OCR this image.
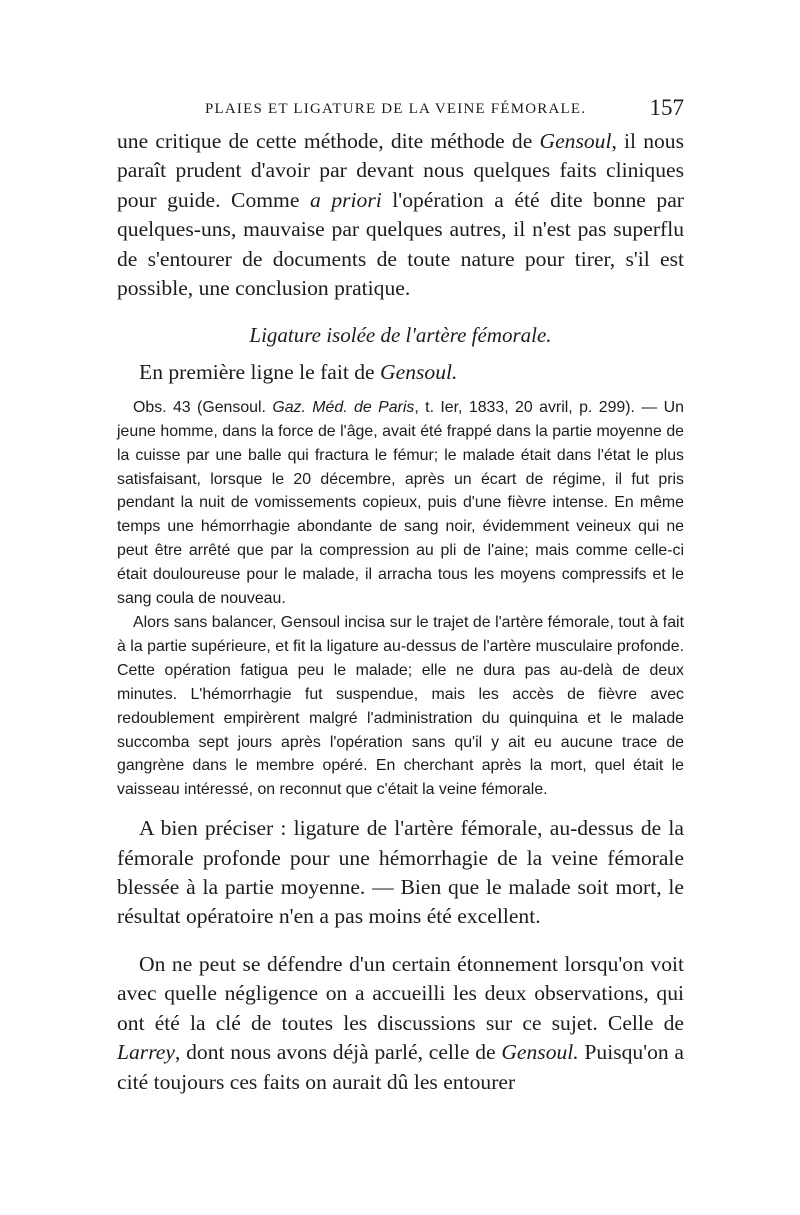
PLAIES ET LIGATURE DE LA VEINE FÉMORALE.	157

une critique de cette méthode, dite méthode de Gensoul, il nous paraît prudent d'avoir par devant nous quelques faits cliniques pour guide. Comme a priori l'opération a été dite bonne par quelques-uns, mauvaise par quelques autres, il n'est pas superflu de s'entourer de documents de toute nature pour tirer, s'il est possible, une conclusion pratique.

Ligature isolée de l'artère fémorale.

En première ligne le fait de Gensoul.

Obs. 43 (Gensoul. Gaz. Méd. de Paris, t. Ier, 1833, 20 avril, p. 299). — Un jeune homme, dans la force de l'âge, avait été frappé dans la partie moyenne de la cuisse par une balle qui fractura le fémur; le malade était dans l'état le plus satisfaisant, lorsque le 20 décembre, après un écart de régime, il fut pris pendant la nuit de vomissements copieux, puis d'une fièvre intense. En même temps une hémorrhagie abondante de sang noir, évidemment veineux qui ne peut être arrêté que par la compression au pli de l'aine; mais comme celle-ci était douloureuse pour le malade, il arracha tous les moyens compressifs et le sang coula de nouveau.

Alors sans balancer, Gensoul incisa sur le trajet de l'artère fémorale, tout à fait à la partie supérieure, et fit la ligature au-dessus de l'artère musculaire profonde. Cette opération fatigua peu le malade; elle ne dura pas au-delà de deux minutes. L'hémorrhagie fut suspendue, mais les accès de fièvre avec redoublement empirèrent malgré l'administration du quinquina et le malade succomba sept jours après l'opération sans qu'il y ait eu aucune trace de gangrène dans le membre opéré. En cherchant après la mort, quel était le vaisseau intéressé, on reconnut que c'était la veine fémorale.

A bien préciser : ligature de l'artère fémorale, au-dessus de la fémorale profonde pour une hémorrhagie de la veine fémorale blessée à la partie moyenne. — Bien que le malade soit mort, le résultat opératoire n'en a pas moins été excellent.

On ne peut se défendre d'un certain étonnement lorsqu'on voit avec quelle négligence on a accueilli les deux observations, qui ont été la clé de toutes les discussions sur ce sujet. Celle de Larrey, dont nous avons déjà parlé, celle de Gensoul. Puisqu'on a cité toujours ces faits on aurait dû les entourer
